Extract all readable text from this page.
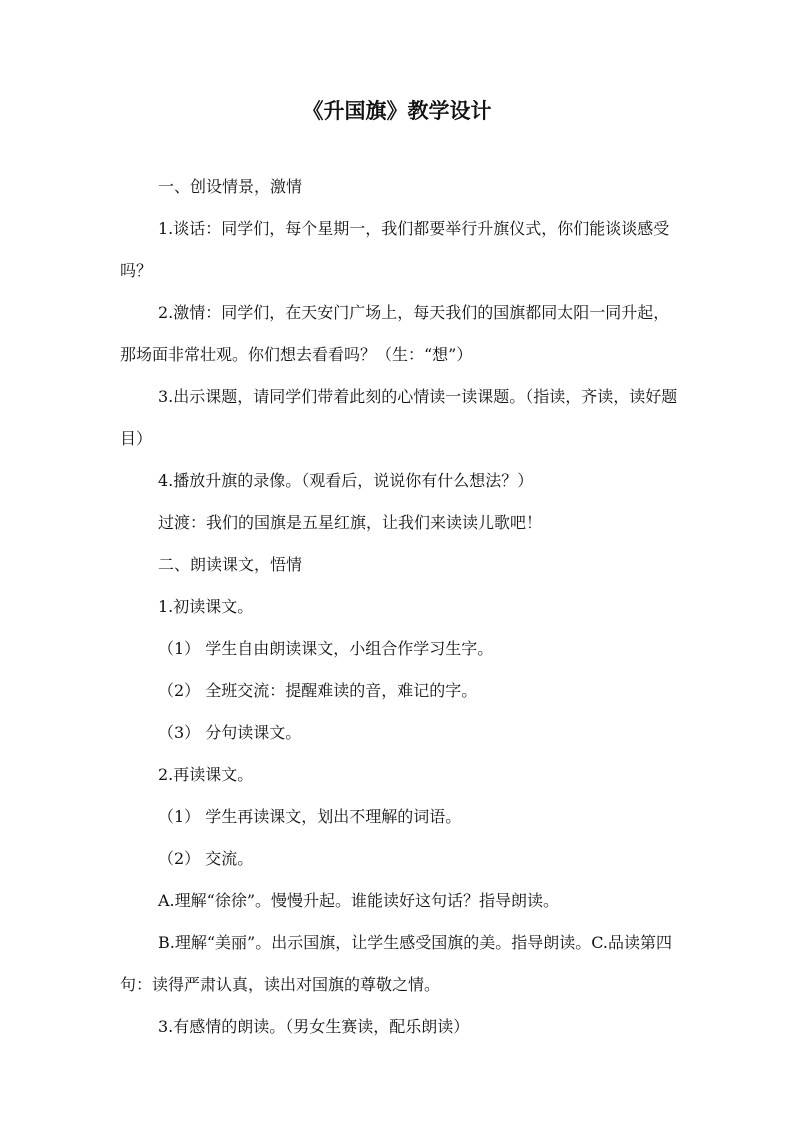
《升国旗》教学设计

一、创设情景，激情

1.谈话：同学们，每个星期一，我们都要举行升旗仪式，你们能谈谈感受吗？

2.激情：同学们，在天安门广场上，每天我们的国旗都同太阳一同升起，那场面非常壮观。你们想去看看吗？（生：“想”）

3.出示课题，请同学们带着此刻的心情读一读课题。（指读，齐读，读好题目）

4.播放升旗的录像。（观看后，说说你有什么想法？）

过渡：我们的国旗是五星红旗，让我们来读读儿歌吧！

二、朗读课文，悟情

1.初读课文。

（1） 学生自由朗读课文，小组合作学习生字。

（2） 全班交流：提醒难读的音，难记的字。

（3） 分句读课文。

2.再读课文。

（1） 学生再读课文，划出不理解的词语。

（2） 交流。

A.理解“徐徐”。慢慢升起。谁能读好这句话？指导朗读。

B.理解“美丽”。出示国旗，让学生感受国旗的美。指导朗读。C.品读第四句：读得严肃认真，读出对国旗的尊敬之情。

3.有感情的朗读。（男女生赛读，配乐朗读）
